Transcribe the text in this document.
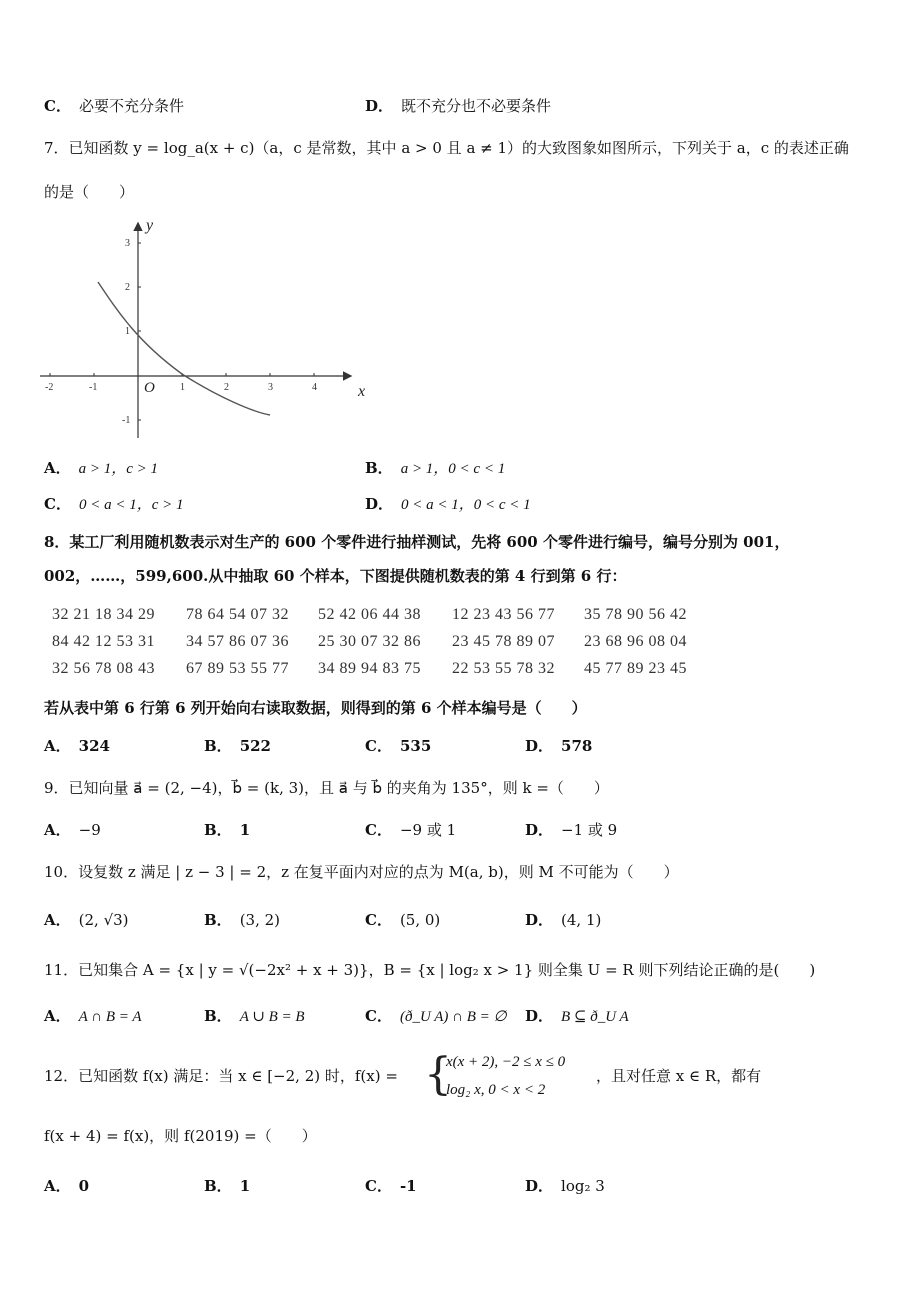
C． 必要不充分条件	D． 既不充分也不必要条件
7．已知函数 y = log_a(x + c)（a，c 是常数，其中 a > 0 且 a ≠ 1）的大致图象如图所示，下列关于 a，c 的表述正确
的是（　　）
-2	-1	1	2	3	4
3
2
1
-1
y
x
O
A． a > 1，c > 1	B． a > 1，0 < c < 1
C． 0 < a < 1，c > 1	D． 0 < a < 1，0 < c < 1
8．某工厂利用随机数表示对生产的 600 个零件进行抽样测试，先将 600 个零件进行编号，编号分别为 001，
002，……，599,600.从中抽取 60 个样本，下图提供随机数表的第 4 行到第 6 行：
32 21 18 34 29 78 64 54 07 32 52 42 06 44 38 12 23 43 56 77 35 78 90 56 42
84 42 12 53 31 34 57 86 07 36 25 30 07 32 86 23 45 78 89 07 23 68 96 08 04
32 56 78 08 43 67 89 53 55 77 34 89 94 83 75 22 53 55 78 32 45 77 89 23 45
若从表中第 6 行第 6 列开始向右读取数据，则得到的第 6 个样本编号是（　　）
A． 324	B． 522	C． 535	D． 578
9．已知向量 a⃗ = (2, −4)，b⃗ = (k, 3)，且 a⃗ 与 b⃗ 的夹角为 135°，则 k =（　　）
A． −9	B． 1	C． −9 或 1	D． −1 或 9
10．设复数 z 满足 | z − 3 | = 2，z 在复平面内对应的点为 M(a, b)，则 M 不可能为（　　）
A． (2, √3)	B． (3, 2)	C． (5, 0)	D． (4, 1)
11．已知集合 A = {x | y = √(−2x² + x + 3)}，B = {x | log₂ x > 1} 则全集 U = R 则下列结论正确的是(　　)
A． A ∩ B = A	B． A ∪ B = B	C． (ð_U A) ∩ B = ∅ D． B ⊆ ð_U A
12．已知函数 f(x) 满足：当 x ∈ [−2, 2) 时，f(x) = {
x(x + 2), −2 ≤ x ≤ 0
log₂ x, 0 < x < 2
，且对任意 x ∈ R，都有
f(x + 4) = f(x)，则 f(2019) =（　　）
A． 0	B． 1	C． -1	D． log₂ 3
